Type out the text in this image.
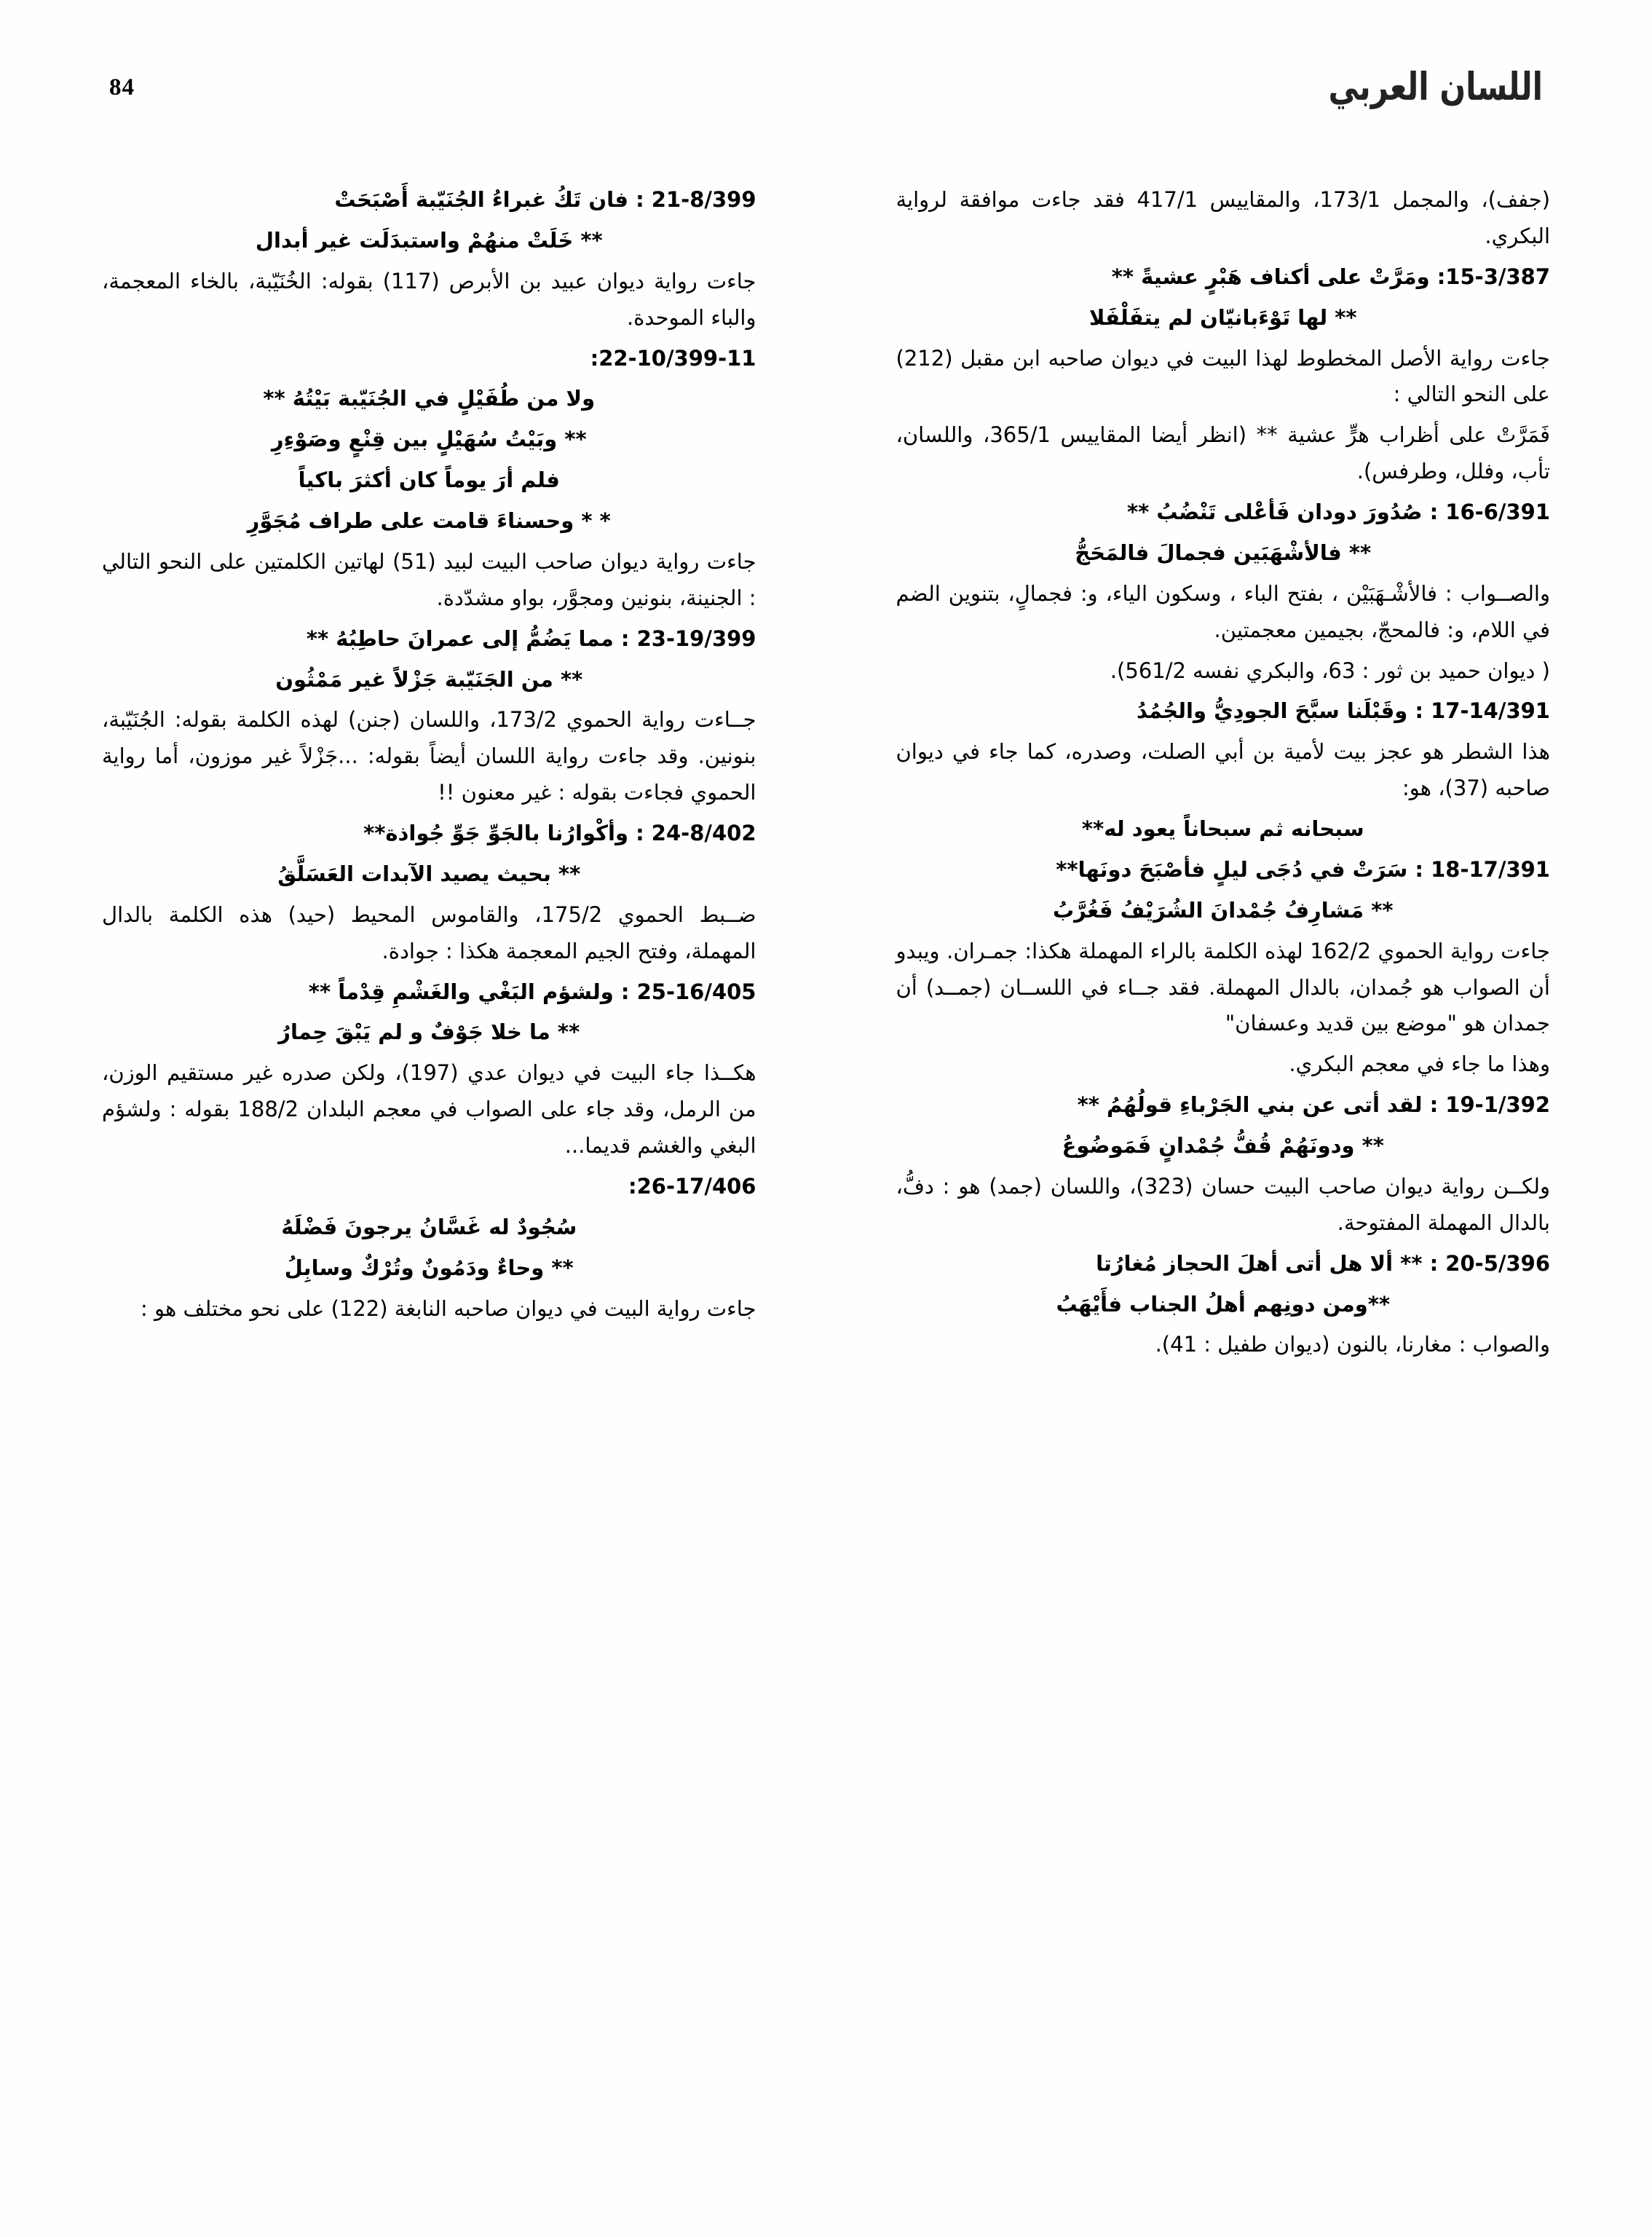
84	اللسان العربي

(جفف)، والمجمل 173/1، والمقاييس 417/1 فقد جاءت موافقة لرواية البكري.

15-3/387: ومَرَّتْ على أكناف هَبْرٍ عشيةً **

** لها تَوْءَبانيّان لم يتفَلْفَلا

جاءت رواية الأصل المخطوط لهذا البيت في ديوان صاحبه ابن مقبل (212) على النحو التالي :

فَمَرَّتْ على أظراب هرٍّ عشية ** (انظر أيضا المقاييس 365/1، واللسان، تأب، وفلل، وطرفس).

16-6/391 : صُدُورَ دودان فَأعْلى تَنْضُبُ **

** فالأشْهَبَين فجمالَ فالمَحَجُّ

والصــواب : فالأشْـهَبَيْن ، بفتح الباء ، وسكون الياء، و: فجمالٍ، بتنوين الضم في اللام، و: فالمحجّ، بجيمين معجمتين.

( ديوان حميد بن ثور : 63، والبكري نفسه 561/2).

17-14/391 : وقَبْلَنا سبَّحَ الجودِيُّ والجُمُدُ

هذا الشطر هو عجز بيت لأمية بن أبي الصلت، وصدره، كما جاء في ديوان صاحبه (37)، هو:

سبحانه ثم سبحاناً يعود له**

18-17/391 : سَرَتْ في دُجَى ليلٍ فأصْبَحَ دونَها**

** مَشارِفُ جُمْدانَ الشُرَيْفُ فَغُرَّبُ

جاءت رواية الحموي 162/2 لهذه الكلمة بالراء المهملة هكذا: جمـران. ويبدو أن الصواب هو جُمدان، بالدال المهملة. فقد جــاء في اللســان (جمــد) أن جمدان هو "موضع بين قديد وعسفان"

وهذا ما جاء في معجم البكري.

19-1/392 : لقد أتى عن بني الجَرْباءِ قولُهُمُ **

** ودونَهُمْ قُفُّ جُمْدانٍ فَمَوضُوعُ

ولكــن رواية ديوان صاحب البيت حسان (323)، واللسان (جمد) هو : دفُّ، بالدال المهملة المفتوحة.

20-5/396 : ** ألا هل أتى أهلَ الحجاز مُغارُتا

**ومن دونِهم أهلُ الجناب فأَيْهَبُ

والصواب : مغارنا، بالنون (ديوان طفيل : 41).

21-8/399 : فان تَكُ غبراءُ الجُنَيّبة أَصْبَحَتْ

** خَلَتْ منهُمْ واستبدَلَت غير أبدال

جاءت رواية ديوان عبيد بن الأبرص (117) بقوله: الخُنَيّبة، بالخاء المعجمة، والباء الموحدة.

22-10/399-11:

ولا من طُفَيْلٍ في الجُنَيّبة بَيْتُهُ **

** وبَيْتُ سُهَيْلٍ بين قِنْعٍ وصَوْءِرِ

فلم أرَ يوماً كان أكثرَ باكياً

* * وحسناءَ قامت على طراف مُجَوَّرِ

جاءت رواية ديوان صاحب البيت لبيد (51) لهاتين الكلمتين على النحو التالي : الجنينة، بنونين ومجوَّر، بواو مشدّدة.

23-19/399 : مما يَضُمُّ إلى عمرانَ حاطِبُهُ **

** من الجَنَيّبة جَزْلاً غير مَمْثُون

جــاءت رواية الحموي 173/2، واللسان (جنن) لهذه الكلمة بقوله: الجُنَيّبة، بنونين. وقد جاءت رواية اللسان أيضاً بقوله: ...جَزْلاً غير موزون، أما رواية الحموي فجاءت بقوله : غير معنون !!

24-8/402 : وأكْوارُنا بالجَوِّ جَوِّ جُواذة**

** بحيث يصيد الآبدات العَسَلَّقُ

ضــبط الحموي 175/2، والقاموس المحيط (حيد) هذه الكلمة بالدال المهملة، وفتح الجيم المعجمة هكذا : جوادة.

25-16/405 : ولشؤم البَغْي والغَشْمِ قِدْماً **

** ما خلا جَوْفٌ و لم يَبْقَ حِمارُ

هكــذا جاء البيت في ديوان عدي (197)، ولكن صدره غير مستقيم الوزن، من الرمل، وقد جاء على الصواب في معجم البلدان 188/2 بقوله : ولشؤم البغي والغشم قديما...

26-17/406:

سُجُودٌ له غَسَّانُ يرجونَ فَضْلَهُ

** وحاءٌ ودَمُونٌ وتُرْكٌ وسابِلُ

جاءت رواية البيت في ديوان صاحبه النابغة (122) على نحو مختلف هو :
